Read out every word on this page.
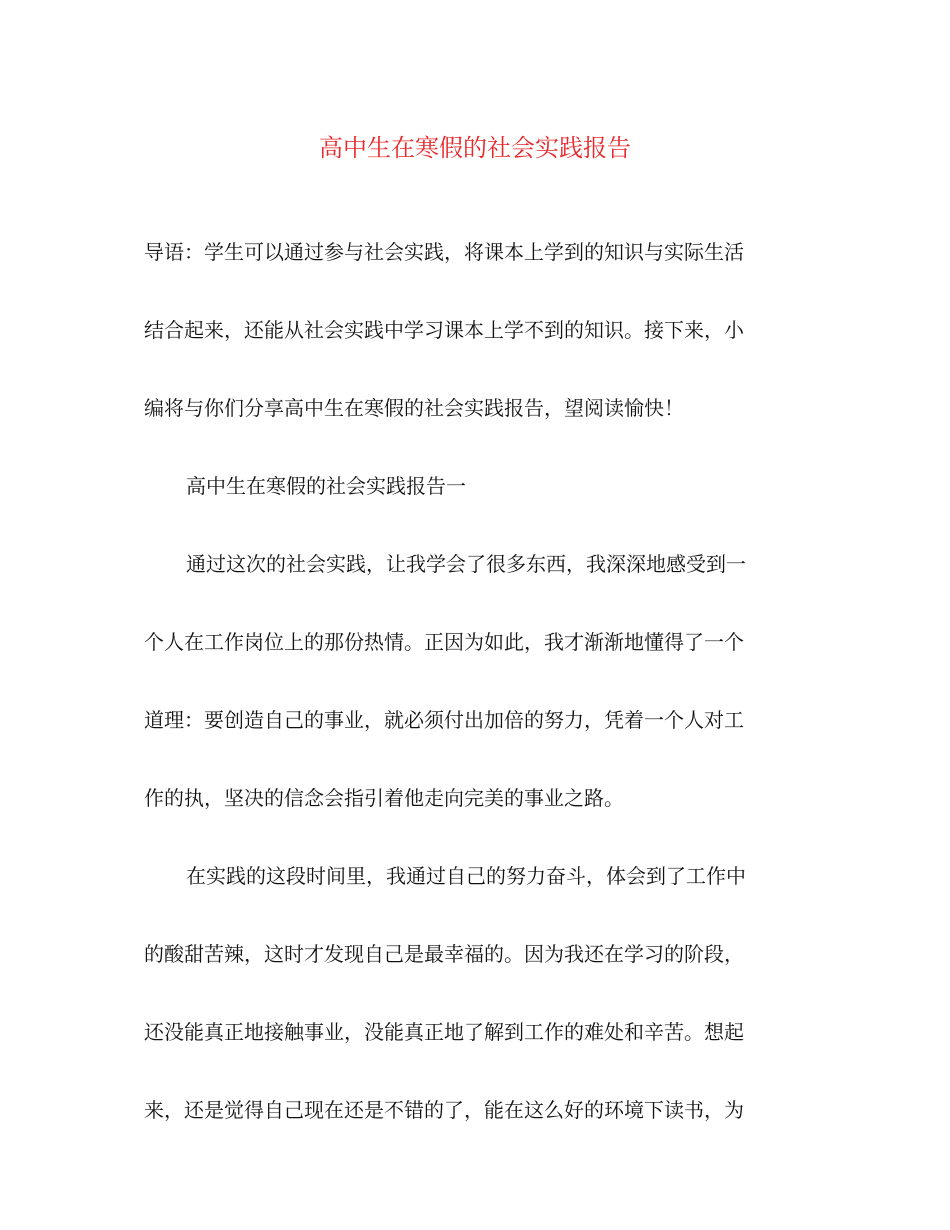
高中生在寒假的社会实践报告
导语：学生可以通过参与社会实践，将课本上学到的知识与实际生活
结合起来，还能从社会实践中学习课本上学不到的知识。接下来，小
编将与你们分享高中生在寒假的社会实践报告，望阅读愉快！
高中生在寒假的社会实践报告一
通过这次的社会实践，让我学会了很多东西，我深深地感受到一
个人在工作岗位上的那份热情。正因为如此，我才渐渐地懂得了一个
道理：要创造自己的事业，就必须付出加倍的努力，凭着一个人对工
作的执，坚决的信念会指引着他走向完美的事业之路。
在实践的这段时间里，我通过自己的努力奋斗，体会到了工作中
的酸甜苦辣，这时才发现自己是最幸福的。因为我还在学习的阶段，
还没能真正地接触事业，没能真正地了解到工作的难处和辛苦。想起
来，还是觉得自己现在还是不错的了，能在这么好的环境下读书，为
